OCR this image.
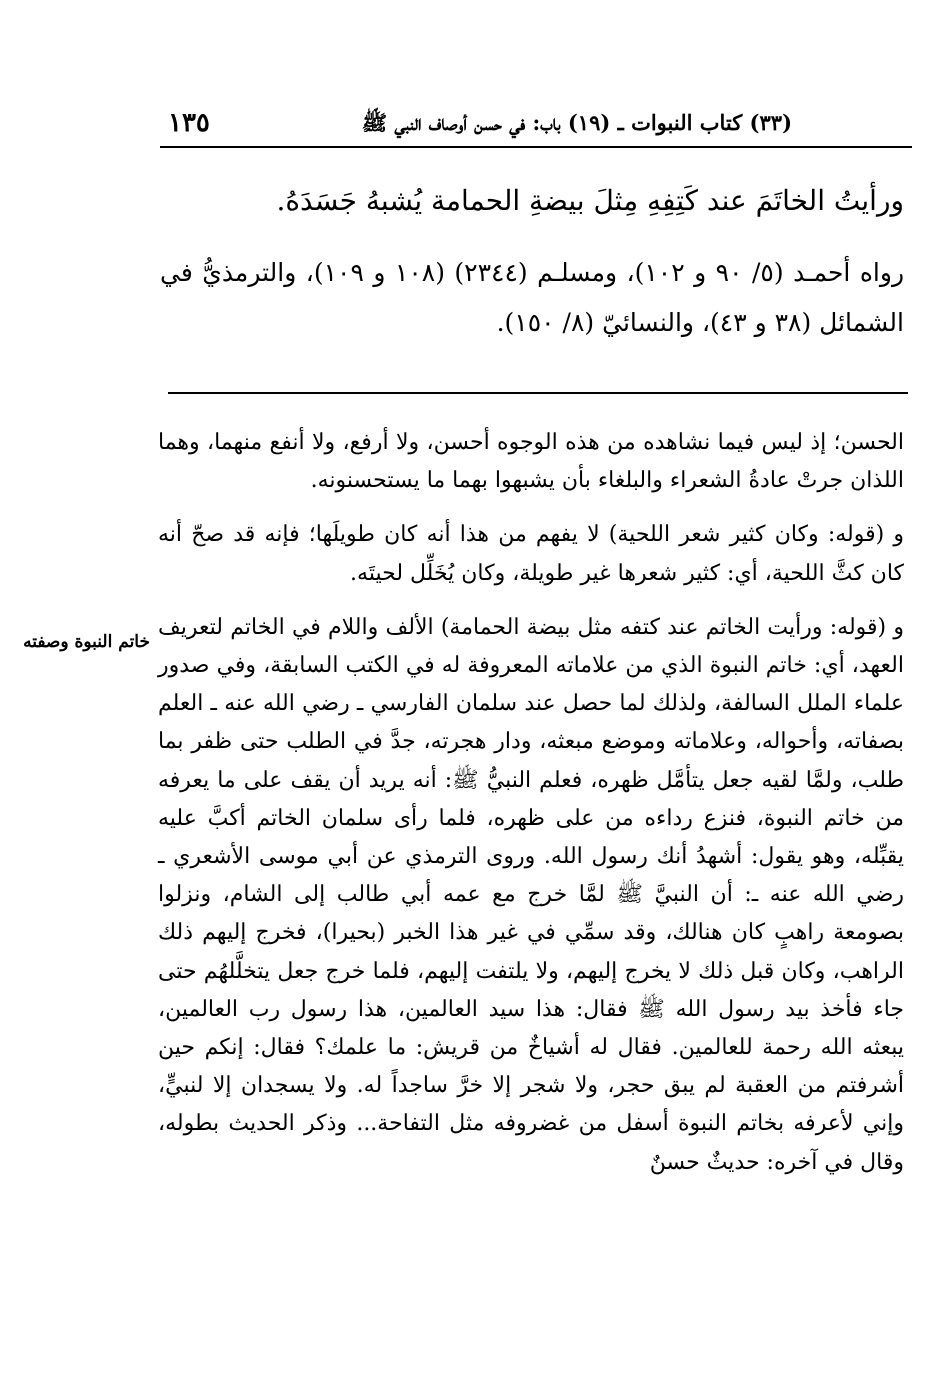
١٣٥	(٣٣) كتاب النبوات ـ (١٩) باب: في حسن أوصاف النبي ﷺ

ورأيتُ الخاتَمَ عند كَتِفِهِ مِثلَ بيضةِ الحمامة يُشبهُ جَسَدَهُ.

رواه أحمـد (٥/ ٩٠ و ١٠٢)، ومسلـم (٢٣٤٤) (١٠٨ و ١٠٩)، والترمذيُّ في الشمائل (٣٨ و ٤٣)، والنسائيّ (٨/ ١٥٠).

خاتم النبوة وصفته

الحسن؛ إذ ليس فيما نشاهده من هذه الوجوه أحسن، ولا أرفع، ولا أنفع منهما، وهما اللذان جرتْ عادةُ الشعراء والبلغاء بأن يشبهوا بهما ما يستحسنونه.

و (قوله: وكان كثير شعر اللحية) لا يفهم من هذا أنه كان طويلَها؛ فإنه قد صحّ أنه كان كثَّ اللحية، أي: كثير شعرها غير طويلة، وكان يُخَلِّل لحيتَه.

و (قوله: ورأيت الخاتم عند كتفه مثل بيضة الحمامة) الألف واللام في الخاتم لتعريف العهد، أي: خاتم النبوة الذي من علاماته المعروفة له في الكتب السابقة، وفي صدور علماء الملل السالفة، ولذلك لما حصل عند سلمان الفارسي ـ رضي الله عنه ـ العلم بصفاته، وأحواله، وعلاماته وموضع مبعثه، ودار هجرته، جدَّ في الطلب حتى ظفر بما طلب، ولمَّا لقيه جعل يتأمَّل ظهره، فعلم النبيُّ ﷺ: أنه يريد أن يقف على ما يعرفه من خاتم النبوة، فنزع رداءه من على ظهره، فلما رأى سلمان الخاتم أكبَّ عليه يقبِّله، وهو يقول: أشهدُ أنك رسول الله. وروى الترمذي عن أبي موسى الأشعري ـ رضي الله عنه ـ: أن النبيَّ ﷺ لمَّا خرج مع عمه أبي طالب إلى الشام، ونزلوا بصومعة راهبٍ كان هنالك، وقد سمِّي في غير هذا الخبر (بحيرا)، فخرج إليهم ذلك الراهب، وكان قبل ذلك لا يخرج إليهم، ولا يلتفت إليهم، فلما خرج جعل يتخلَّلهُم حتى جاء فأخذ بيد رسول الله ﷺ فقال: هذا سيد العالمين، هذا رسول رب العالمين، يبعثه الله رحمة للعالمين. فقال له أشياخٌ من قريش: ما علمك؟ فقال: إنكم حين أشرفتم من العقبة لم يبق حجر، ولا شجر إلا خرَّ ساجداً له. ولا يسجدان إلا لنبيٍّ، وإني لأعرفه بخاتم النبوة أسفل من غضروفه مثل التفاحة... وذكر الحديث بطوله، وقال في آخره: حديثٌ حسنٌ
